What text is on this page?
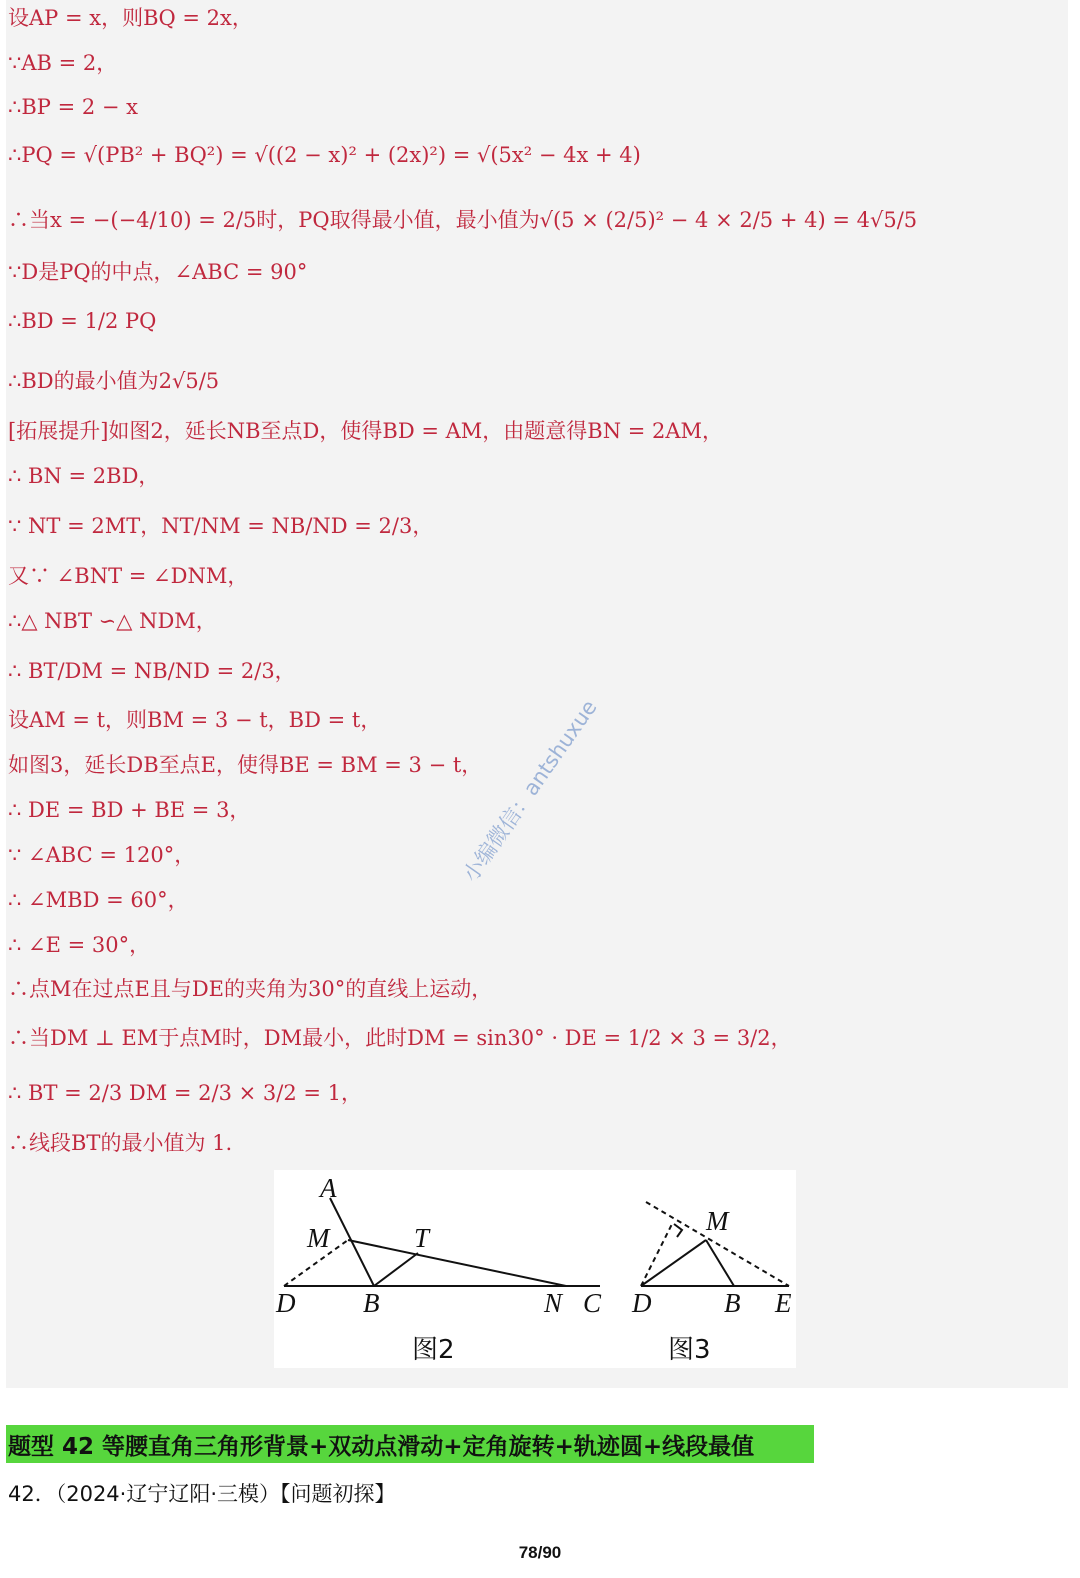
设AP = x，则BQ = 2x，
∵AB = 2，
∴BP = 2 − x
∴PQ = √(PB² + BQ²) = √((2 − x)² + (2x)²) = √(5x² − 4x + 4)
∴当x = −(−4/10) = 2/5时，PQ取得最小值，最小值为√(5 × (2/5)² − 4 × 2/5 + 4) = 4√5/5
∵D是PQ的中点，∠ABC = 90°
∴BD = 1/2 PQ
∴BD的最小值为2√5/5
[拓展提升]如图2，延长NB至点D，使得BD = AM，由题意得BN = 2AM，
∴ BN = 2BD，
∵ NT = 2MT，NT/NM = NB/ND = 2/3，
又∵ ∠BNT = ∠DNM，
∴△ NBT ∽△ NDM，
∴ BT/DM = NB/ND = 2/3，
设AM = t，则BM = 3 − t，BD = t，
如图3，延长DB至点E，使得BE = BM = 3 − t，
∴ DE = BD + BE = 3，
∵ ∠ABC = 120°，
∴ ∠MBD = 60°，
∴ ∠E = 30°，
∴点M在过点E且与DE的夹角为30°的直线上运动，
∴当DM ⊥ EM于点M时，DM最小，此时DM = sin30° · DE = 1/2 × 3 = 3/2，
∴ BT = 2/3 DM = 2/3 × 3/2 = 1，
∴线段BT的最小值为 1.
A
M	T
D	B	N C
M
D	B E
图2	图3
小编微信：antshuxue
题型 42 等腰直角三角形背景+双动点滑动+定角旋转+轨迹圆+线段最值
42．（2024·辽宁辽阳·三模）【问题初探】
78/90
